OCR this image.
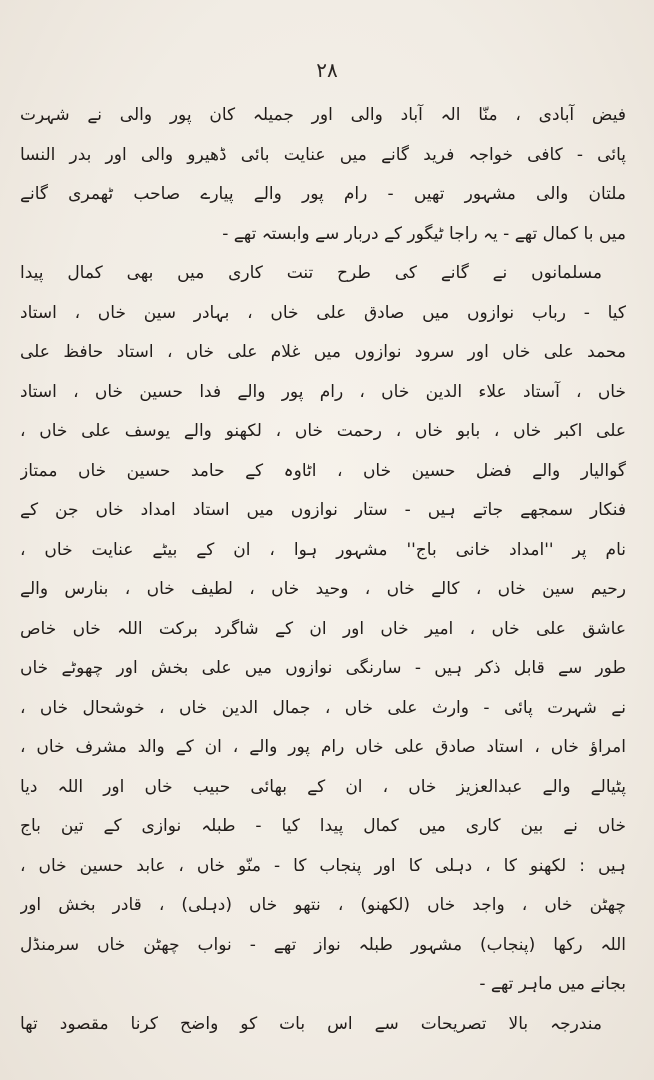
۲۸
فیض آبادی ، منّا الہ آباد والی اور جمیلہ کان پور والی نے شہرت
پائی - کافی خواجہ فرید گانے میں عنایت بائی ڈھیرو والی اور بدر النسا
ملتان والی مشہور تھیں - رام پور والے پیارے صاحب ٹھمری گانے
میں با کمال تھے - یہ راجا ٹیگور کے دربار سے وابستہ تھے -
مسلمانوں نے گانے کی طرح تنت کاری میں بھی کمال پیدا
کیا - رباب نوازوں میں صادق علی خاں ، بہادر سین خاں ، استاد
محمد علی خاں اور سرود نوازوں میں غلام علی خاں ، استاد حافظ علی
خاں ، آستاد علاء الدین خاں ، رام پور والے فدا حسین خاں ، استاد
علی اکبر خاں ، بابو خاں ، رحمت خاں ، لکھنو والے یوسف علی خاں ،
گوالیار والے فضل حسین خاں ، اٹاوہ کے حامد حسین خاں ممتاز
فنکار سمجھے جاتے ہیں - ستار نوازوں میں استاد امداد خاں جن کے
نام پر ''امداد خانی باج'' مشہور ہوا ، ان کے بیٹے عنایت خاں ،
رحیم سین خاں ، کالے خاں ، وحید خاں ، لطیف خاں ، بنارس والے
عاشق علی خاں ، امیر خاں اور ان کے شاگرد برکت اللہ خاں خاص
طور سے قابل ذکر ہیں - سارنگی نوازوں میں علی بخش اور چھوٹے خاں
نے شہرت پائی - وارث علی خاں ، جمال الدین خاں ، خوشحال خاں ،
امراؤ خاں ، استاد صادق علی خاں رام پور والے ، ان کے والد مشرف خاں ،
پٹیالے والے عبدالعزیز خاں ، ان کے بھائی حبیب خاں اور اللہ دیا
خاں نے بین کاری میں کمال پیدا کیا - طبلہ نوازی کے تین باج
ہیں : لکھنو کا ، دہلی کا اور پنجاب کا - منّو خاں ، عابد حسین خاں ،
چھٹن خاں ، واجد خاں (لکھنو) ، نتھو خاں (دہلی) ، قادر بخش اور
اللہ رکھا (پنجاب) مشہور طبلہ نواز تھے - نواب چھٹن خاں سرمنڈل
بجانے میں ماہر تھے -
مندرجہ بالا تصریحات سے اس بات کو واضح کرنا مقصود تھا
